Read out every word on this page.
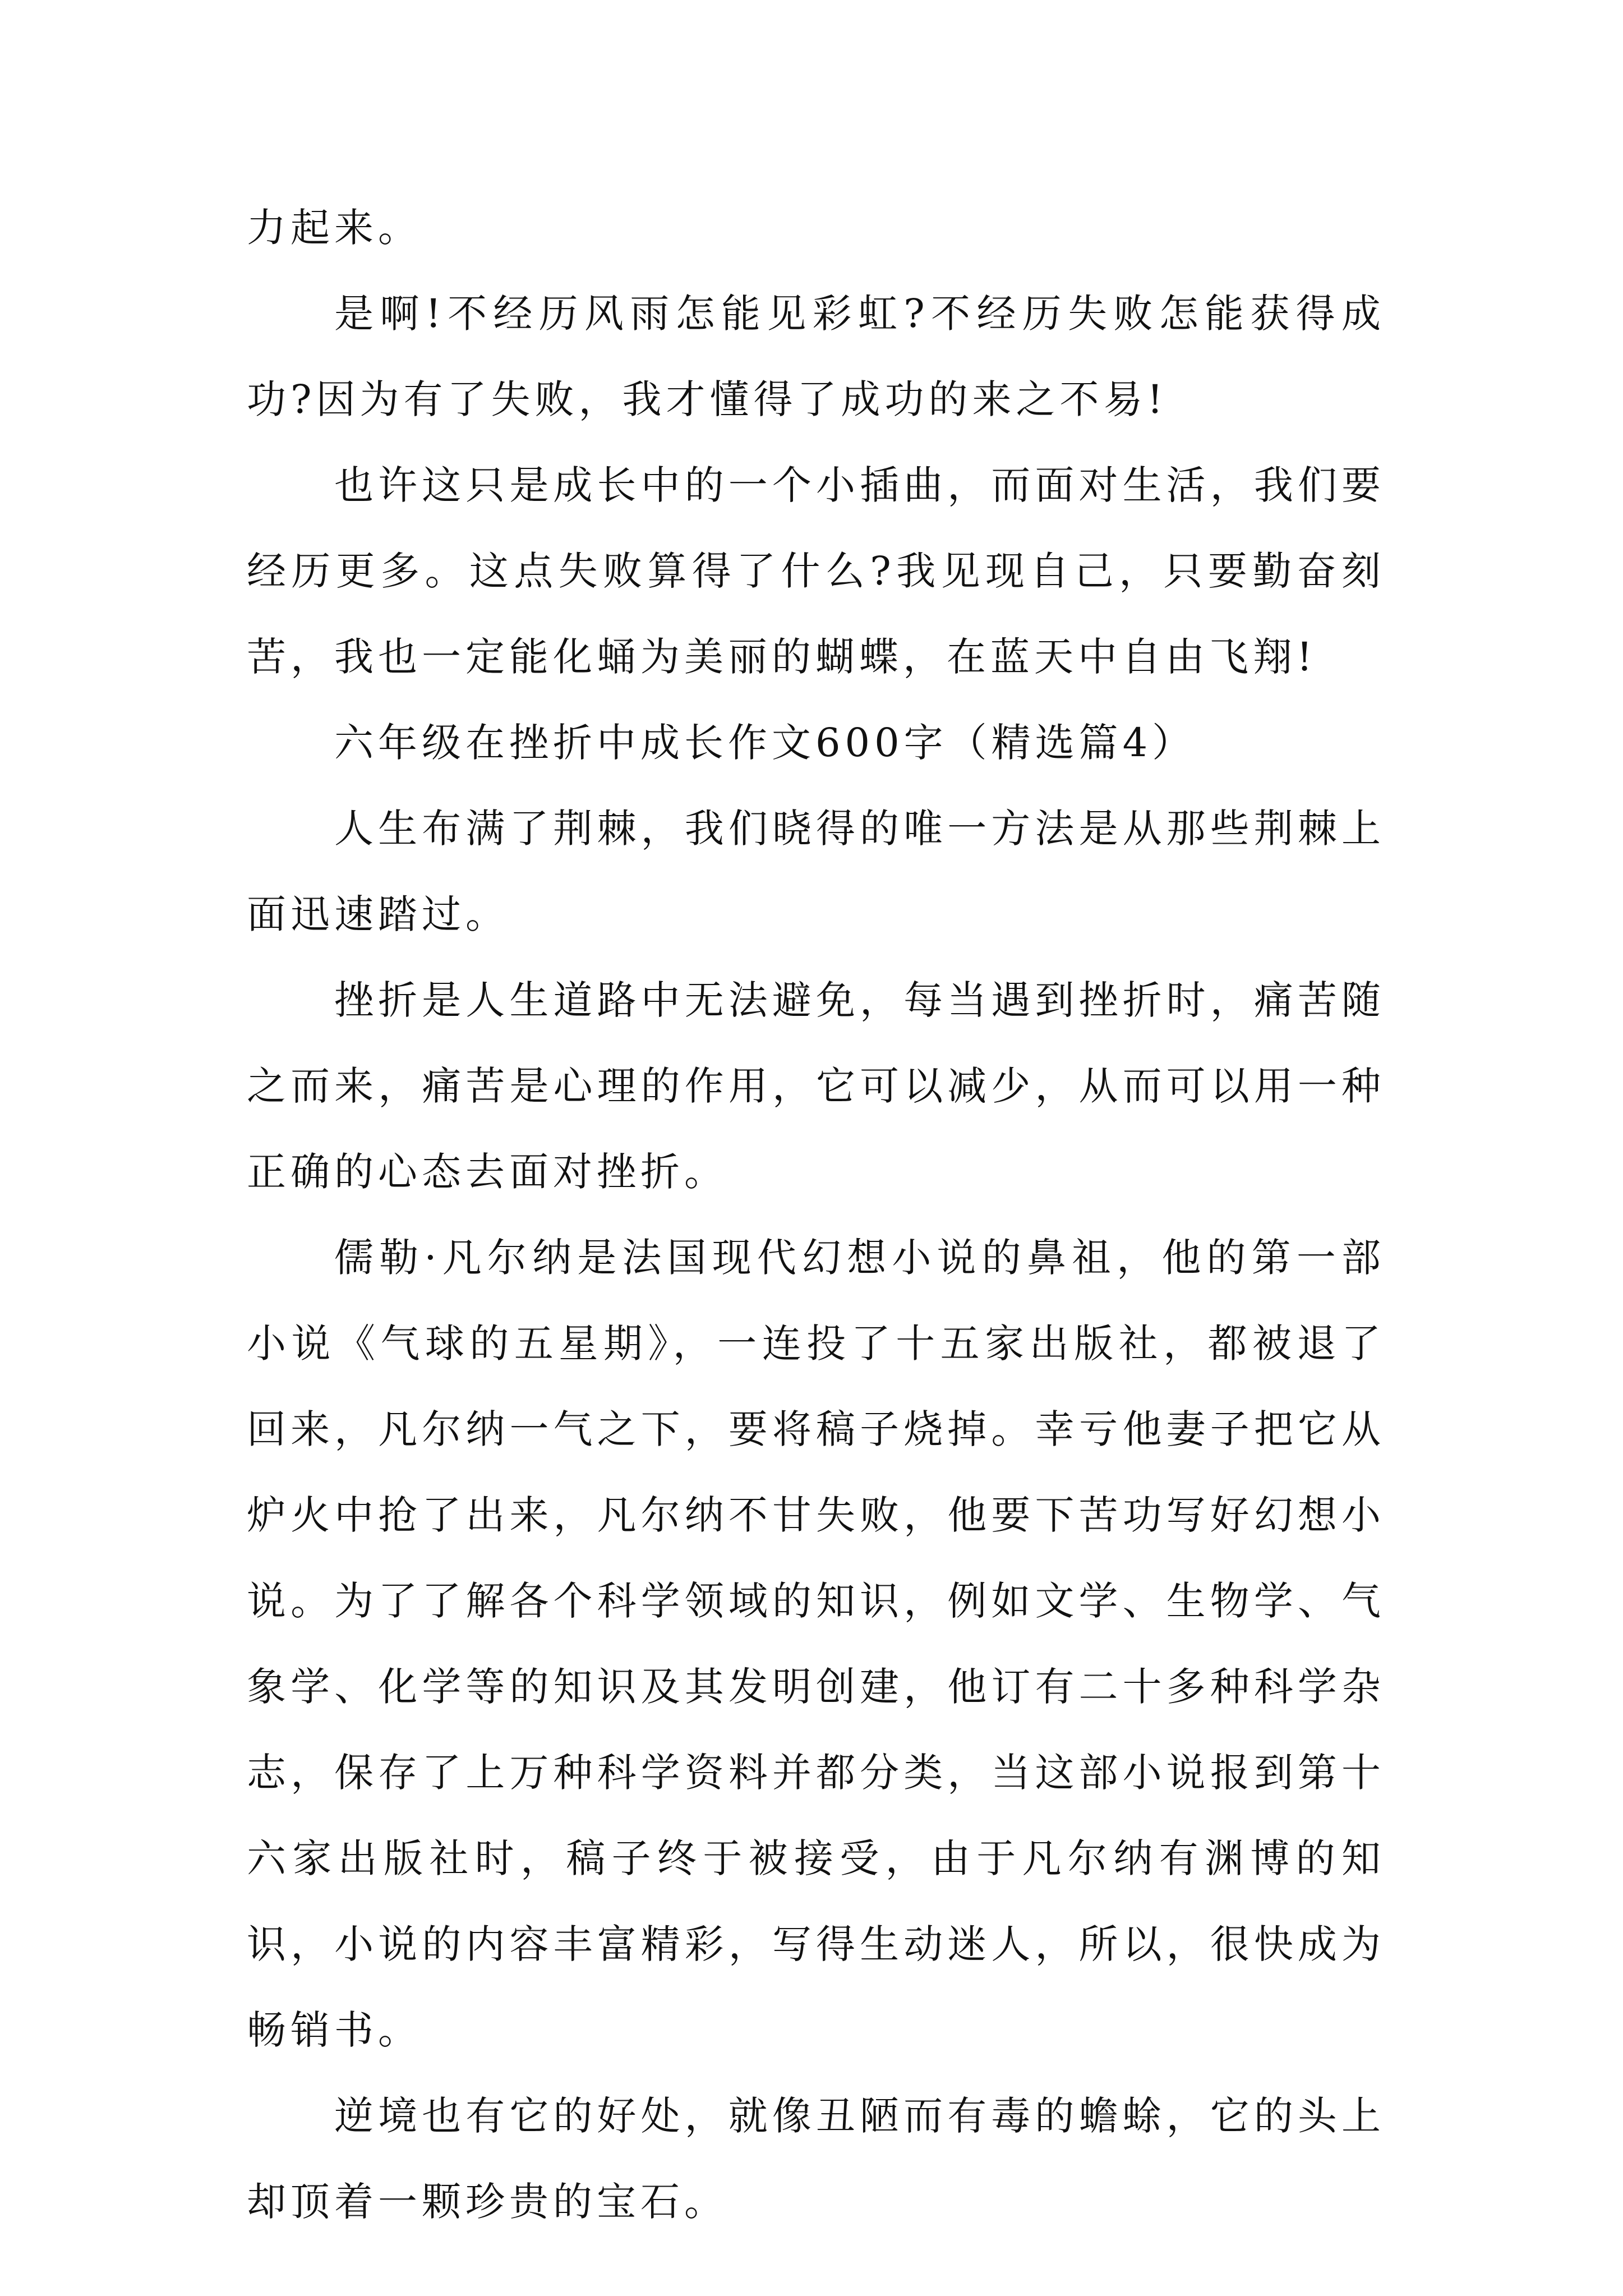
力起来。

是啊!不经历风雨怎能见彩虹?不经历失败怎能获得成功?因为有了失败，我才懂得了成功的来之不易!

也许这只是成长中的一个小插曲，而面对生活，我们要经历更多。这点失败算得了什么?我见现自己，只要勤奋刻苦，我也一定能化蛹为美丽的蝴蝶，在蓝天中自由飞翔!

六年级在挫折中成长作文600字（精选篇4）

人生布满了荆棘，我们晓得的唯一方法是从那些荆棘上面迅速踏过。

挫折是人生道路中无法避免，每当遇到挫折时，痛苦随之而来，痛苦是心理的作用，它可以减少，从而可以用一种正确的心态去面对挫折。

儒勒·凡尔纳是法国现代幻想小说的鼻祖，他的第一部小说《气球的五星期》，一连投了十五家出版社，都被退了回来，凡尔纳一气之下，要将稿子烧掉。幸亏他妻子把它从炉火中抢了出来，凡尔纳不甘失败，他要下苦功写好幻想小说。为了了解各个科学领域的知识，例如文学、生物学、气象学、化学等的知识及其发明创建，他订有二十多种科学杂志，保存了上万种科学资料并都分类，当这部小说报到第十六家出版社时，稿子终于被接受，由于凡尔纳有渊博的知识，小说的内容丰富精彩，写得生动迷人，所以，很快成为畅销书。

逆境也有它的好处，就像丑陋而有毒的蟾蜍，它的头上却顶着一颗珍贵的宝石。
